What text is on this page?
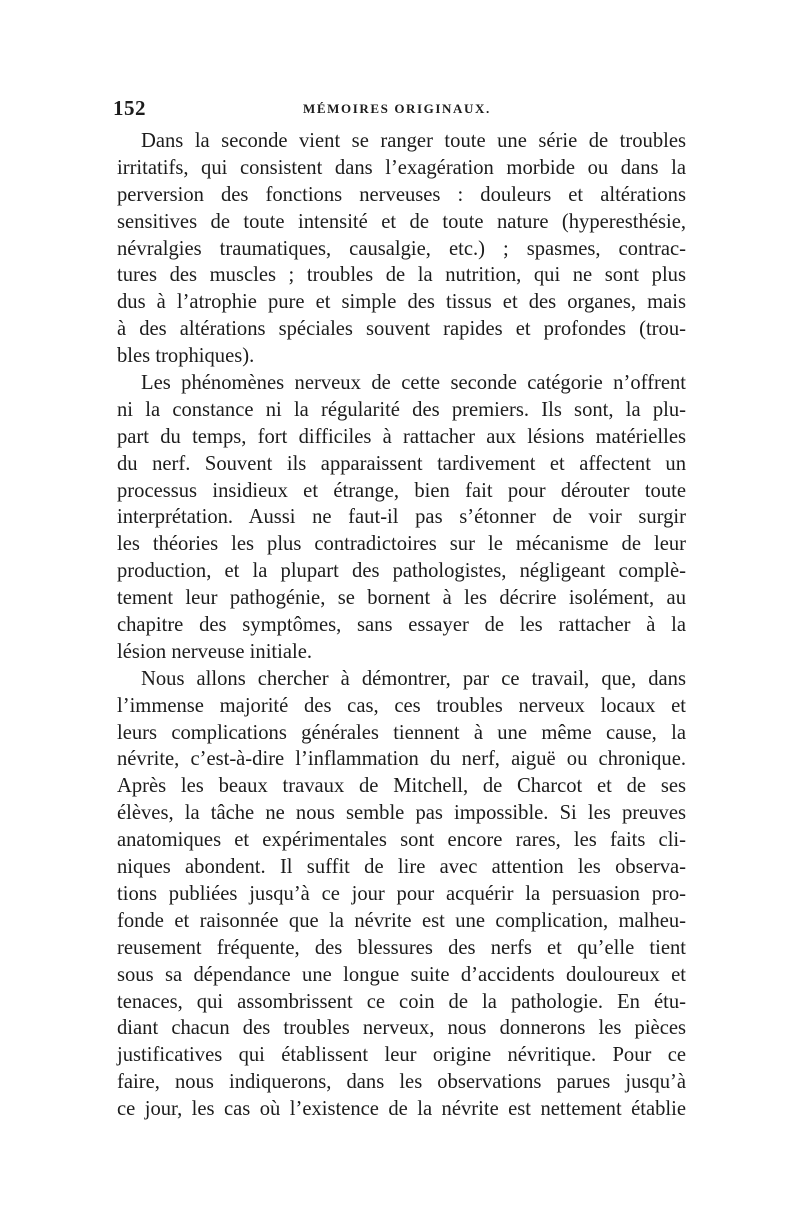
152	MÉMOIRES ORIGINAUX.
Dans la seconde vient se ranger toute une série de troubles
irritatifs, qui consistent dans l’exagération morbide ou dans la
perversion des fonctions nerveuses : douleurs et altérations
sensitives de toute intensité et de toute nature (hyperesthésie,
névralgies traumatiques, causalgie, etc.) ; spasmes, contrac-
tures des muscles ; troubles de la nutrition, qui ne sont plus
dus à l’atrophie pure et simple des tissus et des organes, mais
à des altérations spéciales souvent rapides et profondes (trou-
bles trophiques).
Les phénomènes nerveux de cette seconde catégorie n’offrent
ni la constance ni la régularité des premiers. Ils sont, la plu-
part du temps, fort difficiles à rattacher aux lésions matérielles
du nerf. Souvent ils apparaissent tardivement et affectent un
processus insidieux et étrange, bien fait pour dérouter toute
interprétation. Aussi ne faut-il pas s’étonner de voir surgir
les théories les plus contradictoires sur le mécanisme de leur
production, et la plupart des pathologistes, négligeant complè-
tement leur pathogénie, se bornent à les décrire isolément, au
chapitre des symptômes, sans essayer de les rattacher à la
lésion nerveuse initiale.
Nous allons chercher à démontrer, par ce travail, que, dans
l’immense majorité des cas, ces troubles nerveux locaux et
leurs complications générales tiennent à une même cause, la
névrite, c’est-à-dire l’inflammation du nerf, aiguë ou chronique.
Après les beaux travaux de Mitchell, de Charcot et de ses
élèves, la tâche ne nous semble pas impossible. Si les preuves
anatomiques et expérimentales sont encore rares, les faits cli-
niques abondent. Il suffit de lire avec attention les observa-
tions publiées jusqu’à ce jour pour acquérir la persuasion pro-
fonde et raisonnée que la névrite est une complication, malheu-
reusement fréquente, des blessures des nerfs et qu’elle tient
sous sa dépendance une longue suite d’accidents douloureux et
tenaces, qui assombrissent ce coin de la pathologie. En étu-
diant chacun des troubles nerveux, nous donnerons les pièces
justificatives qui établissent leur origine névritique. Pour ce
faire, nous indiquerons, dans les observations parues jusqu’à
ce jour, les cas où l’existence de la névrite est nettement établie
